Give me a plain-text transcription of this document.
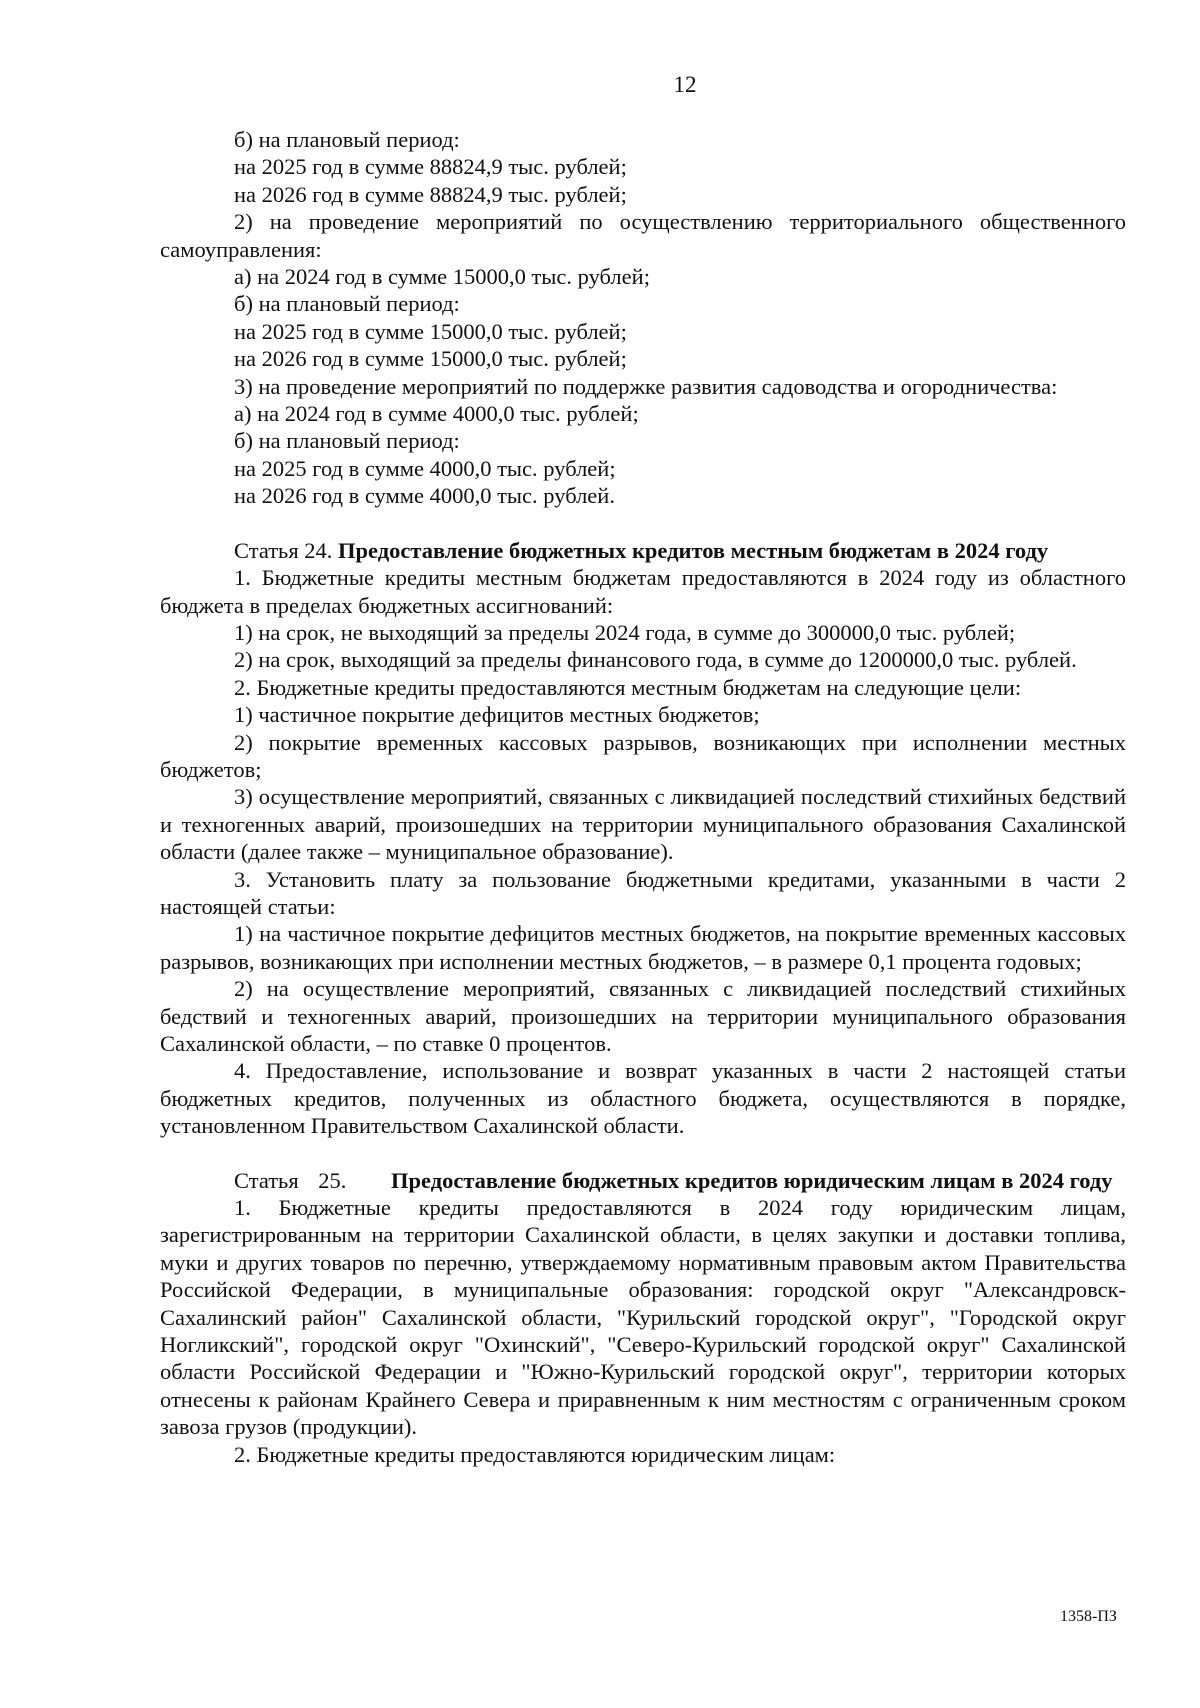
12

б) на плановый период:

на 2025 год в сумме 88824,9 тыс. рублей;

на 2026 год в сумме 88824,9 тыс. рублей;

2) на проведение мероприятий по осуществлению территориального общественного самоуправления:

а) на 2024 год в сумме 15000,0 тыс. рублей;

б) на плановый период:

на 2025 год в сумме 15000,0 тыс. рублей;

на 2026 год в сумме 15000,0 тыс. рублей;

3) на проведение мероприятий по поддержке развития садоводства и огородничества:

а) на 2024 год в сумме 4000,0 тыс. рублей;

б) на плановый период:

на 2025 год в сумме 4000,0 тыс. рублей;

на 2026 год в сумме 4000,0 тыс. рублей.

Статья 24. Предоставление бюджетных кредитов местным бюджетам в 2024 году

1. Бюджетные кредиты местным бюджетам предоставляются в 2024 году из областного бюджета в пределах бюджетных ассигнований:

1) на срок, не выходящий за пределы 2024 года, в сумме до 300000,0 тыс. рублей;

2) на срок, выходящий за пределы финансового года, в сумме до 1200000,0 тыс. рублей.

2. Бюджетные кредиты предоставляются местным бюджетам на следующие цели:

1) частичное покрытие дефицитов местных бюджетов;

2) покрытие временных кассовых разрывов, возникающих при исполнении местных бюджетов;

3) осуществление мероприятий, связанных с ликвидацией последствий стихийных бедствий и техногенных аварий, произошедших на территории муниципального образования Сахалинской области (далее также – муниципальное образование).

3. Установить плату за пользование бюджетными кредитами, указанными в части 2 настоящей статьи:

1) на частичное покрытие дефицитов местных бюджетов, на покрытие временных кассовых разрывов, возникающих при исполнении местных бюджетов, – в размере 0,1 процента годовых;

2) на осуществление мероприятий, связанных с ликвидацией последствий стихийных бедствий и техногенных аварий, произошедших на территории муниципального образования Сахалинской области, – по ставке 0 процентов.

4. Предоставление, использование и возврат указанных в части 2 настоящей статьи бюджетных кредитов, полученных из областного бюджета, осуществляются в порядке, установленном Правительством Сахалинской области.

Статья 25.	Предоставление бюджетных кредитов юридическим лицам в 2024 году

1. Бюджетные кредиты предоставляются в 2024 году юридическим лицам, зарегистрированным на территории Сахалинской области, в целях закупки и доставки топлива, муки и других товаров по перечню, утверждаемому нормативным правовым актом Правительства Российской Федерации, в муниципальные образования: городской округ "Александровск-Сахалинский район" Сахалинской области, "Курильский городской округ", "Городской округ Ногликский", городской округ "Охинский", "Северо-Курильский городской округ" Сахалинской области Российской Федерации и "Южно-Курильский городской округ", территории которых отнесены к районам Крайнего Севера и приравненным к ним местностям с ограниченным сроком завоза грузов (продукции).

2. Бюджетные кредиты предоставляются юридическим лицам:

1358-ПЗ
